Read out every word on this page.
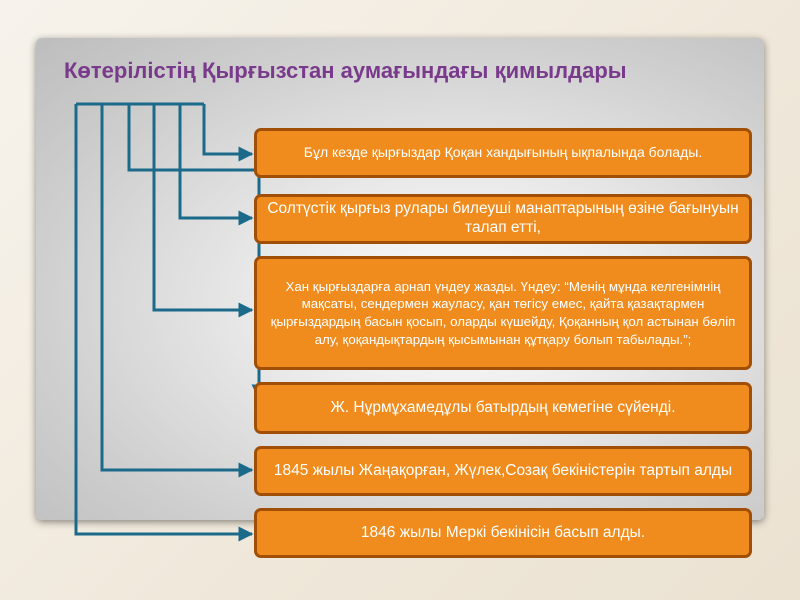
Көтерілістің Қырғызстан аумағындағы қимылдары
Бұл кезде қырғыздар Қоқан хандығының ықпалында болады.
Солтүстік қырғыз рулары билеуші манаптарының өзіне бағынуын талап етті,
Хан қырғыздарға арнап үндеу жазды. Үндеу: “Менің мұнда келгенімнің мақсаты, сендермен жауласу, қан төгісу емес, қайта қазақтармен қырғыздардың басын қосып, оларды күшейду, Қоқанның қол астынан бөліп алу, қоқандықтардың қысымынан құтқару болып табылады.”;
Ж. Нұрмұхамедұлы батырдың көмегіне сүйенді.
1845 жылы Жаңақорған, Жүлек,Созақ бекіністерін тартып алды
1846 жылы Меркі бекінісін басып алды.
